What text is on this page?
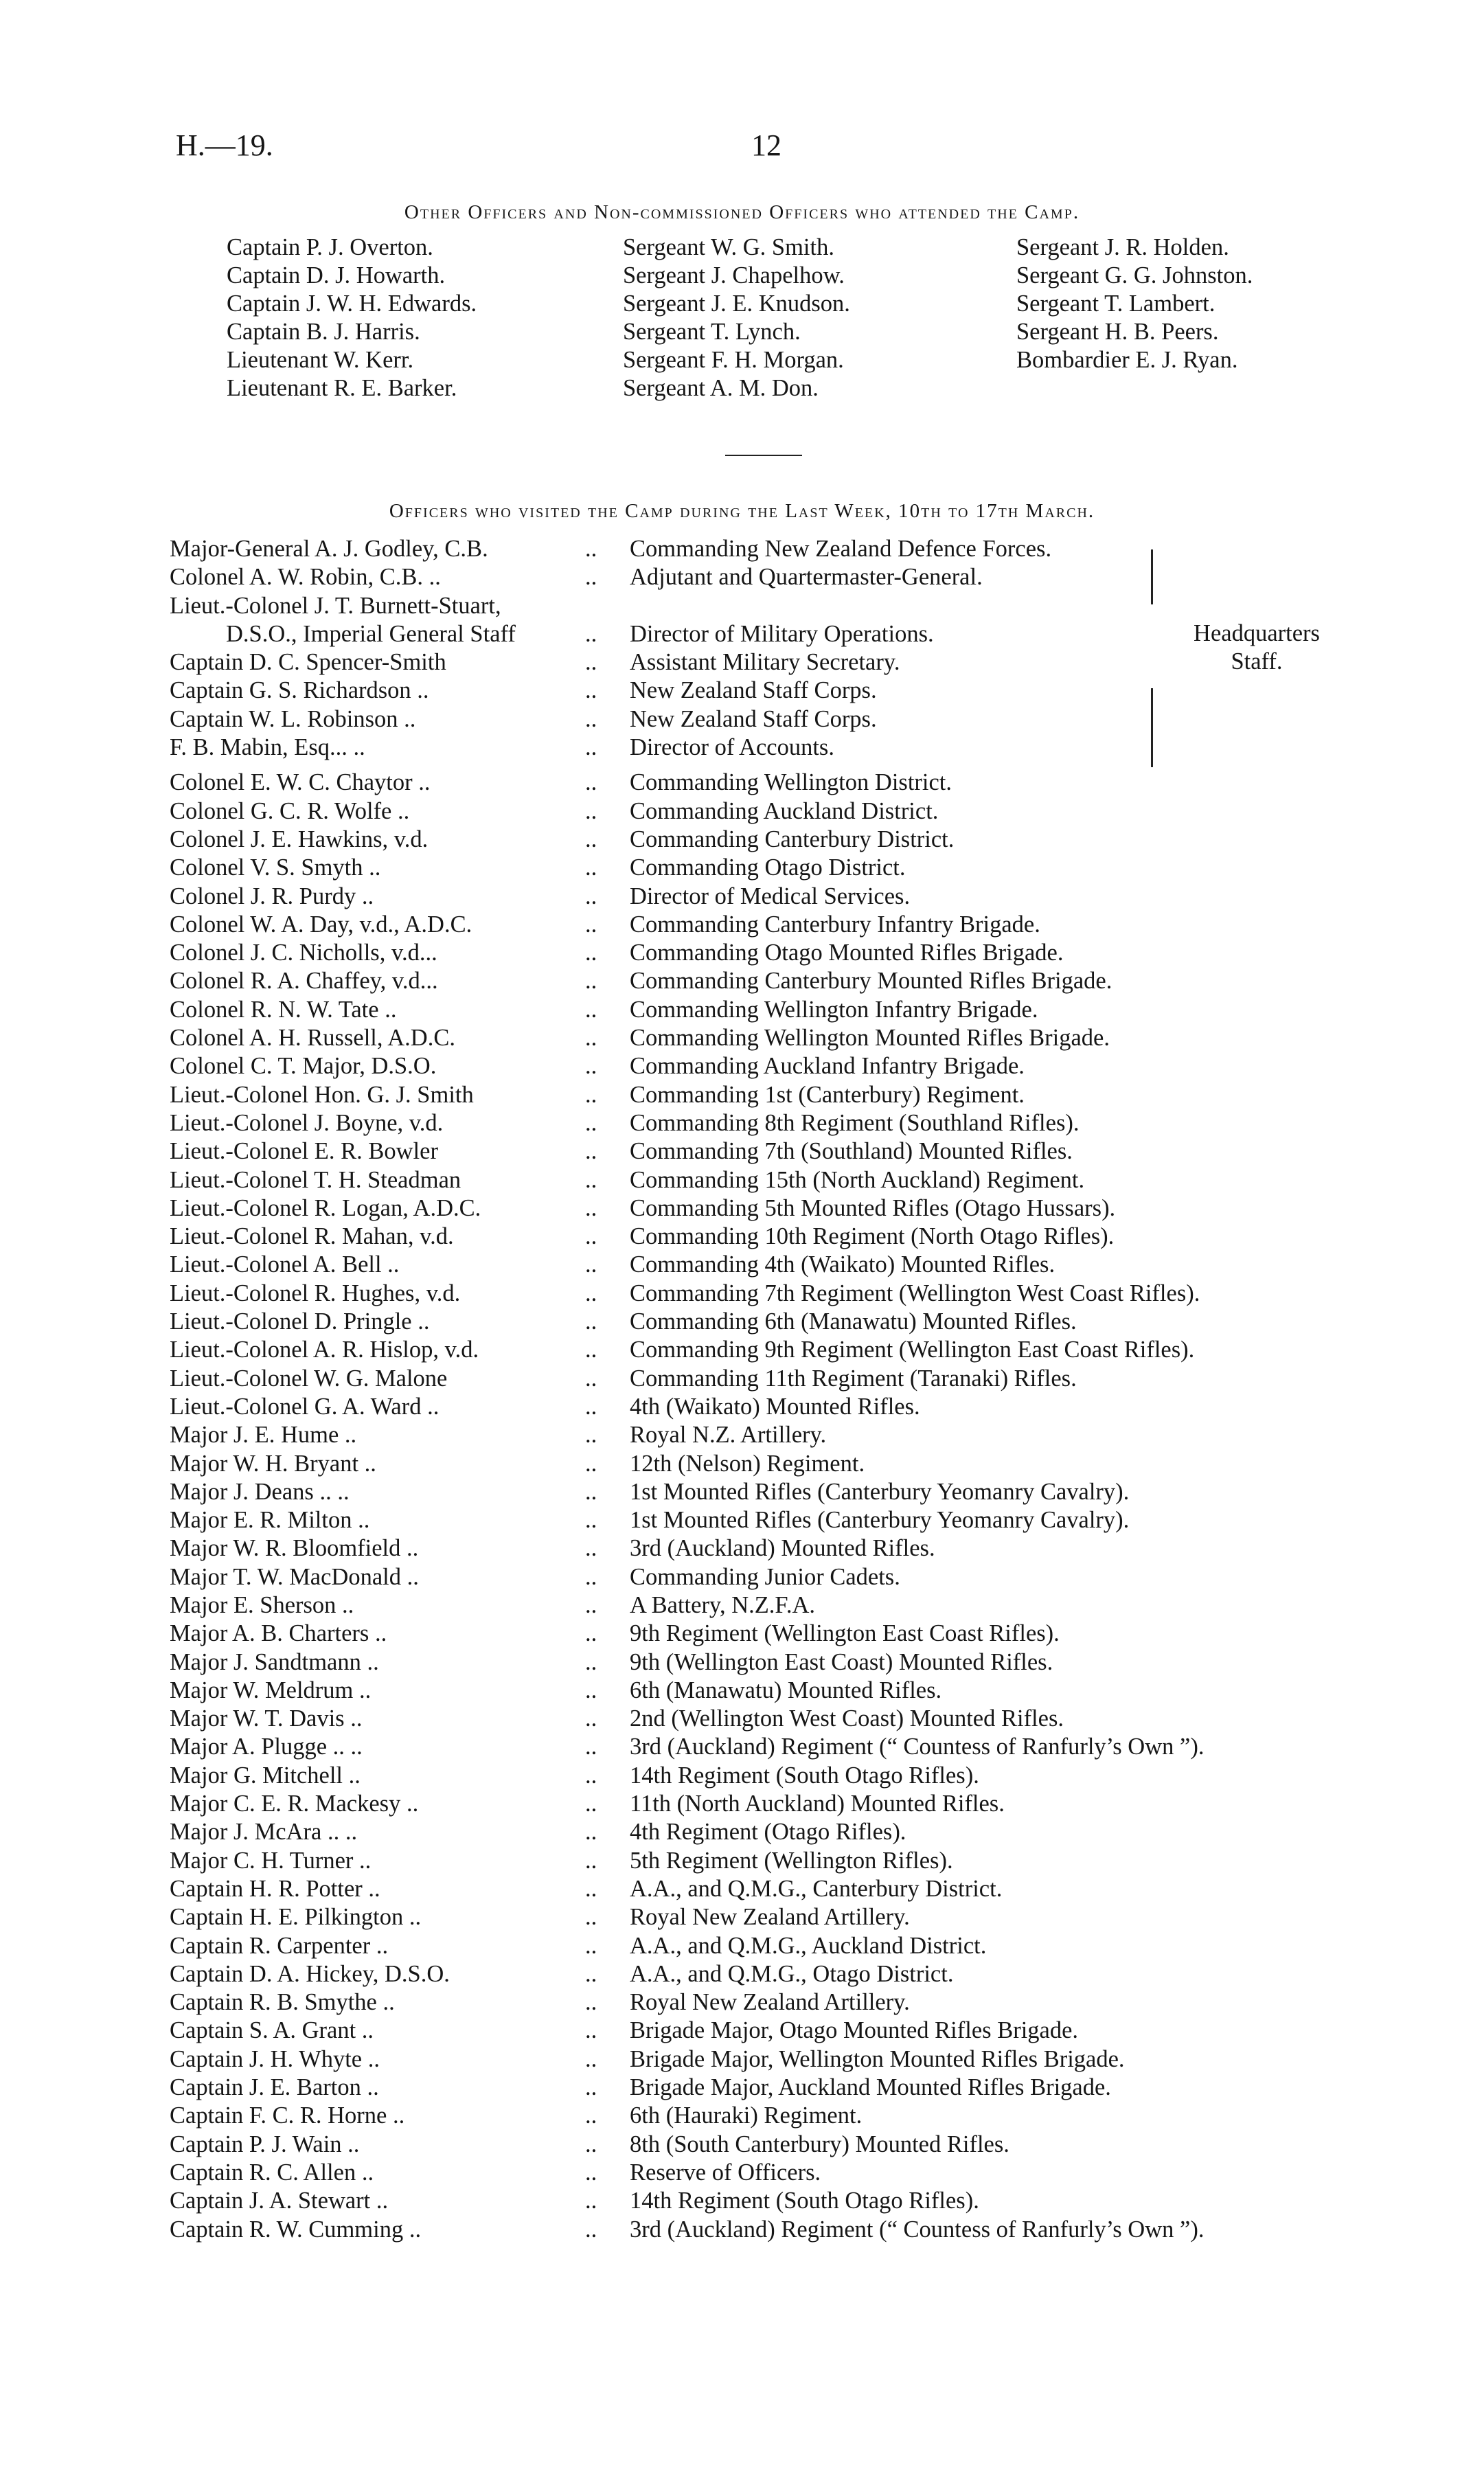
H.—19.	12
Other Officers and Non-commissioned Officers who attended the Camp.
Captain P. J. Overton.
Captain D. J. Howarth.
Captain J. W. H. Edwards.
Captain B. J. Harris.
Lieutenant W. Kerr.
Lieutenant R. E. Barker.
Sergeant W. G. Smith.
Sergeant J. Chapelhow.
Sergeant J. E. Knudson.
Sergeant T. Lynch.
Sergeant F. H. Morgan.
Sergeant A. M. Don.
Sergeant J. R. Holden.
Sergeant G. G. Johnston.
Sergeant T. Lambert.
Sergeant H. B. Peers.
Bombardier E. J. Ryan.
Officers who visited the Camp during the Last Week, 10th to 17th March.
Headquarters
Staff.
Major-General A. J. Godley, C.B.	.. Commanding New Zealand Defence Forces.
Colonel A. W. Robin, C.B. ..	.. Adjutant and Quartermaster-General.
Lieut.-Colonel J. T. Burnett-Stuart,
D.S.O., Imperial General Staff	.. Director of Military Operations.
Captain D. C. Spencer-Smith	.. Assistant Military Secretary.
Captain G. S. Richardson ..	.. New Zealand Staff Corps.
Captain W. L. Robinson ..	.. New Zealand Staff Corps.
F. B. Mabin, Esq... ..	.. Director of Accounts.
Colonel E. W. C. Chaytor ..	.. Commanding Wellington District.
Colonel G. C. R. Wolfe ..	.. Commanding Auckland District.
Colonel J. E. Hawkins, v.d.	.. Commanding Canterbury District.
Colonel V. S. Smyth ..	.. Commanding Otago District.
Colonel J. R. Purdy ..	.. Director of Medical Services.
Colonel W. A. Day, v.d., A.D.C.	.. Commanding Canterbury Infantry Brigade.
Colonel J. C. Nicholls, v.d...	.. Commanding Otago Mounted Rifles Brigade.
Colonel R. A. Chaffey, v.d...	.. Commanding Canterbury Mounted Rifles Brigade.
Colonel R. N. W. Tate ..	.. Commanding Wellington Infantry Brigade.
Colonel A. H. Russell, A.D.C.	.. Commanding Wellington Mounted Rifles Brigade.
Colonel C. T. Major, D.S.O.	.. Commanding Auckland Infantry Brigade.
Lieut.-Colonel Hon. G. J. Smith	.. Commanding 1st (Canterbury) Regiment.
Lieut.-Colonel J. Boyne, v.d.	.. Commanding 8th Regiment (Southland Rifles).
Lieut.-Colonel E. R. Bowler	.. Commanding 7th (Southland) Mounted Rifles.
Lieut.-Colonel T. H. Steadman	.. Commanding 15th (North Auckland) Regiment.
Lieut.-Colonel R. Logan, A.D.C.	.. Commanding 5th Mounted Rifles (Otago Hussars).
Lieut.-Colonel R. Mahan, v.d.	.. Commanding 10th Regiment (North Otago Rifles).
Lieut.-Colonel A. Bell ..	.. Commanding 4th (Waikato) Mounted Rifles.
Lieut.-Colonel R. Hughes, v.d.	.. Commanding 7th Regiment (Wellington West Coast Rifles).
Lieut.-Colonel D. Pringle ..	.. Commanding 6th (Manawatu) Mounted Rifles.
Lieut.-Colonel A. R. Hislop, v.d.	.. Commanding 9th Regiment (Wellington East Coast Rifles).
Lieut.-Colonel W. G. Malone	.. Commanding 11th Regiment (Taranaki) Rifles.
Lieut.-Colonel G. A. Ward ..	.. 4th (Waikato) Mounted Rifles.
Major J. E. Hume ..	.. Royal N.Z. Artillery.
Major W. H. Bryant ..	.. 12th (Nelson) Regiment.
Major J. Deans .. ..	.. 1st Mounted Rifles (Canterbury Yeomanry Cavalry).
Major E. R. Milton ..	.. 1st Mounted Rifles (Canterbury Yeomanry Cavalry).
Major W. R. Bloomfield ..	.. 3rd (Auckland) Mounted Rifles.
Major T. W. MacDonald ..	.. Commanding Junior Cadets.
Major E. Sherson ..	.. A Battery, N.Z.F.A.
Major A. B. Charters ..	.. 9th Regiment (Wellington East Coast Rifles).
Major J. Sandtmann ..	.. 9th (Wellington East Coast) Mounted Rifles.
Major W. Meldrum ..	.. 6th (Manawatu) Mounted Rifles.
Major W. T. Davis ..	.. 2nd (Wellington West Coast) Mounted Rifles.
Major A. Plugge .. ..	.. 3rd (Auckland) Regiment (“ Countess of Ranfurly’s Own ”).
Major G. Mitchell ..	.. 14th Regiment (South Otago Rifles).
Major C. E. R. Mackesy ..	.. 11th (North Auckland) Mounted Rifles.
Major J. McAra .. ..	.. 4th Regiment (Otago Rifles).
Major C. H. Turner ..	.. 5th Regiment (Wellington Rifles).
Captain H. R. Potter ..	.. A.A., and Q.M.G., Canterbury District.
Captain H. E. Pilkington ..	.. Royal New Zealand Artillery.
Captain R. Carpenter ..	.. A.A., and Q.M.G., Auckland District.
Captain D. A. Hickey, D.S.O.	.. A.A., and Q.M.G., Otago District.
Captain R. B. Smythe ..	.. Royal New Zealand Artillery.
Captain S. A. Grant ..	.. Brigade Major, Otago Mounted Rifles Brigade.
Captain J. H. Whyte ..	.. Brigade Major, Wellington Mounted Rifles Brigade.
Captain J. E. Barton ..	.. Brigade Major, Auckland Mounted Rifles Brigade.
Captain F. C. R. Horne ..	.. 6th (Hauraki) Regiment.
Captain P. J. Wain ..	.. 8th (South Canterbury) Mounted Rifles.
Captain R. C. Allen ..	.. Reserve of Officers.
Captain J. A. Stewart ..	.. 14th Regiment (South Otago Rifles).
Captain R. W. Cumming ..	.. 3rd (Auckland) Regiment (“ Countess of Ranfurly’s Own ”).
